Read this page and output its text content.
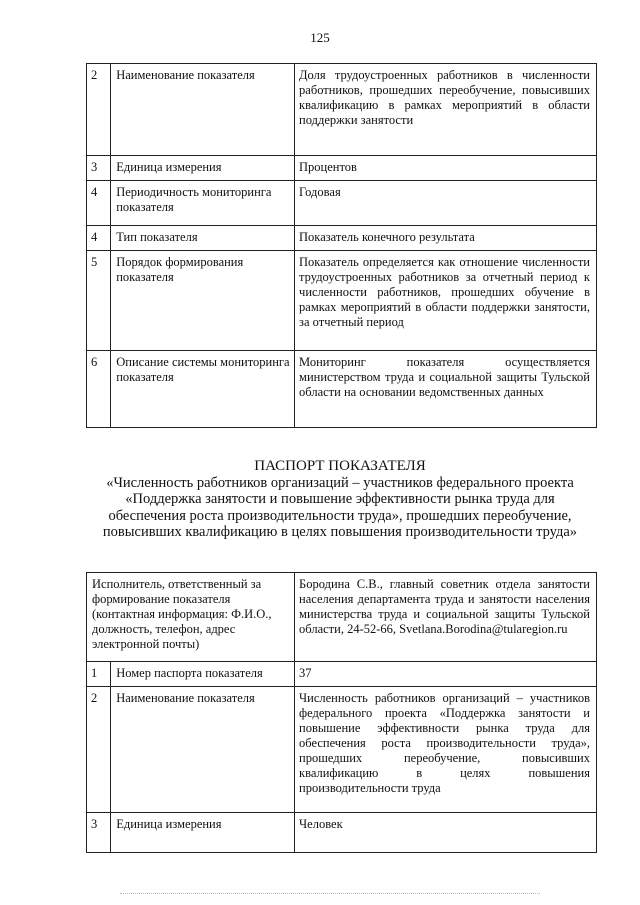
125
2	Наименование показателя	Доля трудоустроенных работников в численности работников, прошедших переобучение, повысивших квалификацию в рамках мероприятий в области поддержки занятости
3	Единица измерения	Процентов
4	Периодичность мониторинга показателя	Годовая
4	Тип показателя	Показатель конечного результата
5	Порядок формирования показателя	Показатель определяется как отношение численности трудоустроенных работников за отчетный период к численности работников, прошедших обучение в рамках мероприятий в области поддержки занятости, за отчетный период
6	Описание системы мониторинга показателя	Мониторинг показателя осуществляется министерством труда и социальной защиты Тульской области на основании ведомственных данных
ПАСПОРТ ПОКАЗАТЕЛЯ
«Численность работников организаций – участников федерального проекта
«Поддержка занятости и повышение эффективности рынка труда для
обеспечения роста производительности труда», прошедших переобучение,
повысивших квалификацию в целях повышения производительности труда»
Исполнитель, ответственный за формирование показателя (контактная информация: Ф.И.О., должность, телефон, адрес электронной почты)		Бородина С.В., главный советник отдела занятости населения департамента труда и занятости населения министерства труда и социальной защиты Тульской области, 24-52-66, Svetlana.Borodina@tularegion.ru
1	Номер паспорта показателя	37
2	Наименование показателя	Численность работников организаций – участников федерального проекта «Поддержка занятости и повышение эффективности рынка труда для обеспечения роста производительности труда», прошедших переобучение, повысивших квалификацию в целях повышения производительности труда
3	Единица измерения	Человек
